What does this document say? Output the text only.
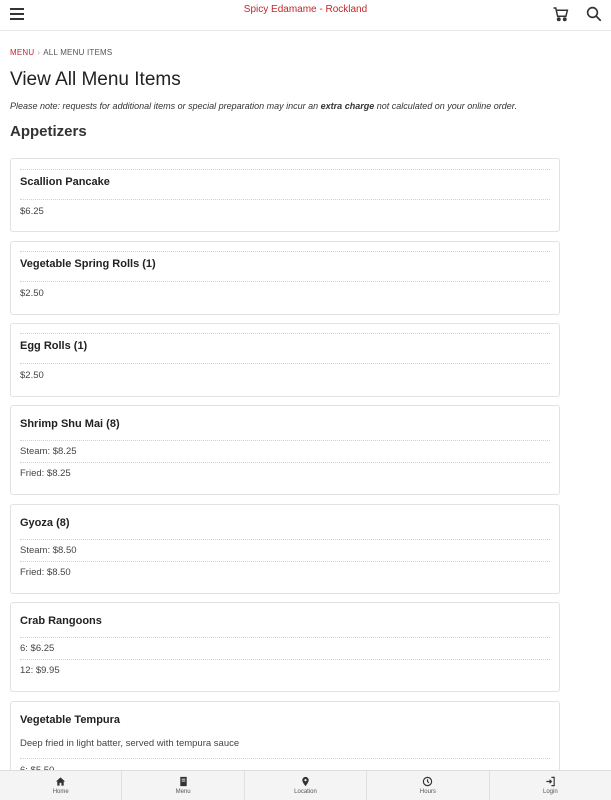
Spicy Edamame - Rockland
MENU › ALL MENU ITEMS
View All Menu Items

Please note: requests for additional items or special preparation may incur an extra charge not calculated on your online order.

Appetizers
Scallion Pancake
$6.25
Vegetable Spring Rolls (1)
$2.50
Egg Rolls (1)
$2.50
Shrimp Shu Mai (8)
Steam: $8.25
Fried: $8.25
Gyoza (8)
Steam: $8.50
Fried: $8.50
Crab Rangoons
6: $6.25
12: $9.95
Vegetable Tempura
Deep fried in light batter, served with tempura sauce
Home	Menu	Location	Hours	Login
